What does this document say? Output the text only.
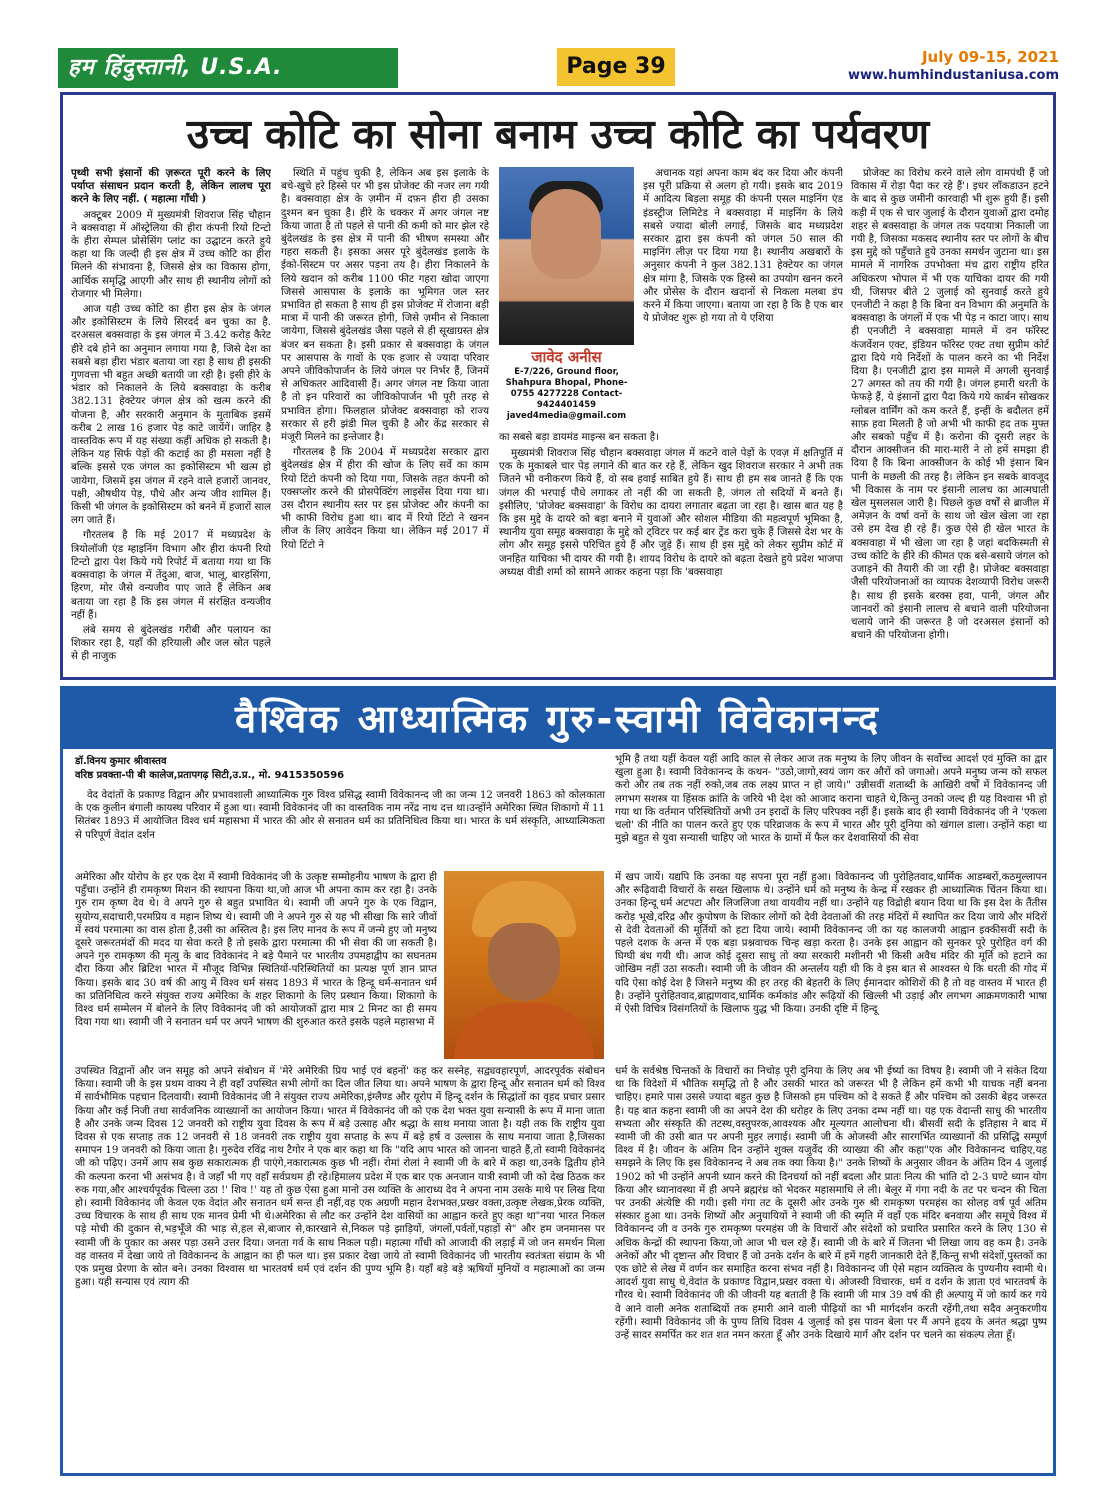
हम हिंदुस्तानी, U.S.A.	Page 39	July 09-15, 2021
www.humhindustaniusa.com
उच्च कोटि का सोना बनाम उच्च कोटि का पर्यवरण

पृथ्वी सभी इंसानों की ज़रूरत पूरी करने के लिए पर्याप्त संसाधन प्रदान करती है, लेकिन लालच पूरा करने के लिए नहीं. ( महात्मा गाँधी )

अक्टूबर 2009 में मुख्यमंत्री शिवराज सिंह चौहान ने बक्सवाहा में ऑस्ट्रेलिया की हीरा कंपनी रियो टिन्टो के हीरा सेम्पल प्रोसेसिंग प्लांट का उद्घाटन करते हुये कहा था कि जल्दी ही इस क्षेत्र में उच्च कोटि का हीरा मिलने की संभावना है, जिससे क्षेत्र का विकास होगा, आर्थिक समृद्धि आएगी और साथ ही स्थानीय लोगों को रोजगार भी मिलेगा।

आज यही उच्च कोटि का हीरा इस क्षेत्र के जंगल और इकोसिस्टम के लिये सिरदर्द बन चुका का है. दरअसल बक्सवाहा के इस जंगल में 3.42 करोड़ कैरेट हीरे दबे होने का अनुमान लगाया गया है, जिसे देश का सबसे बड़ा हीरा भंडार बताया जा रहा है साथ ही इसकी गुणवत्ता भी बहुत अच्छी बतायी जा रही है। इसी हीरे के भंडार को निकालने के लिये बक्सवाहा के करीब 382.131 हेक्टेयर जंगल क्षेत्र को खत्म करने की योजना है, और सरकारी अनुमान के मुताबिक इसमें करीब 2 लाख 16 हजार पेड़ काटे जायेंगें। जाहिर है वास्तविक रूप में यह संख्या कहीं अधिक हो सकती है। लेकिन यह सिर्फ पेड़ों की कटाई का ही मसला नहीं है बल्कि इससे एक जंगल का इकोसिस्टम भी खत्म हो जायेगा, जिसमें इस जंगल में रहने वाले हजारों जानवर, पक्षी, औषधीय पेड़, पौधे और अन्य जीव शामिल हैं। किसी भी जंगल के इकोसिस्टम को बनने में हजारों साल लग जाते हैं।

गौरतलब है कि मई 2017 में मध्यप्रदेश के त्रियोलॉजी एंड म्हाइनिंग विभाग और हीरा कंपनी रियो टिन्टो द्वारा पेश किये गये रिपोर्ट में बताया गया था कि बक्सवाहा के जंगल में तेंदुआ, बाज, भालू, बारहसिंगा, हिरण, मोर जैसे वन्यजीव पाए जाते हैं लेकिन अब बताया जा रहा है कि इस जंगल में संरक्षित वन्यजीव नहीं हैं।

लंबे समय से बुंदेलखंड गरीबी और पलायन का शिकार रहा है, यहाँ की हरियाली और जल स्रोत पहले से ही नाजुक

स्थिति में पहुंच चुकी है, लेकिन अब इस इलाके के बचे-खुचे हरे हिस्से पर भी इस प्रोजेक्ट की नजर लग गयी है। बक्सवाहा क्षेत्र के ज़मीन में दफ़न हीरा ही उसका दुश्मन बन चुका है। हीरे के चक्कर में अगर जंगल नष्ट किया जाता है तो पहले से पानी की कमी को मार झेल रहे बुंदेलखंड के इस क्षेत्र में पानी की भीषण समस्या और गहरा सकती है। इसका असर पूरे बुंदेलखंड इलाके के ईको-सिस्टम पर असर पड़ना तय है। हीरा निकालने के लिये खदान को करीब 1100 फीट गहरा खोदा जाएगा जिससे आसपास के इलाके का भूमिगत जल स्तर प्रभावित हो सकता है साथ ही इस प्रोजेक्ट में रोजाना बड़ी मात्रा में पानी की जरूरत होगी, जिसे ज़मीन से निकाला जायेगा, जिससे बुंदेलखंड जैसा पहले से ही सूखाग्रस्त क्षेत्र बंजर बन सकता है। इसी प्रकार से बक्सवाहा के जंगल पर आसपास के गावों के एक हजार से ज्यादा परिवार अपने जीविकोपार्जन के लिये जंगल पर निर्भर हैं, जिनमें से अधिकतर आदिवासी हैं। अगर जंगल नष्ट किया जाता है तो इन परिवारों का जीविकोपार्जन भी पूरी तरह से प्रभावित होगा। फिलहाल प्रोजेक्ट बक्सवाहा को राज्य सरकार से हरी झंडी मिल चुकी है और केंद्र सरकार से मंजूरी मिलने का इन्तेजार है।

गौरतलब है कि 2004 में मध्यप्रदेश सरकार द्वारा बुंदेलखंड क्षेत्र में हीरा की खोज के लिए सर्वे का काम रियो टिंटो कंपनी को दिया गया, जिसके तहत कंपनी को एक्सप्लोर करने की प्रोसपेक्टिंग लाइसेंस दिया गया था। उस दौरान स्थानीय स्तर पर इस प्रोजेक्ट और कंपनी का भी काफी विरोध हुआ था। बाद में रियो टिंटो ने खनन लीज के लिए आवेदन किया था। लेकिन मई 2017 में रियो टिंटो ने

जावेद अनीस
E-7/226, Ground floor, Shahpura Bhopal, Phone- 0755 4277228 Contact-9424401459 javed4media@gmail.com

अचानक यहां अपना काम बंद कर दिया और कंपनी इस पूरी प्रक्रिया से अलग हो गयी। इसके बाद 2019 में आदित्य बिड़ला समूह की कंपनी एसल माइनिंग एंड इंडस्ट्रीज लिमिटेड ने बक्सवाहा में माइनिंग के लिये सबसे ज्यादा बोली लगाई, जिसके बाद मध्यप्रदेश सरकार द्वारा इस कंपनी को जंगल 50 साल की माइनिंग लीज़ पर दिया गया है। स्थानीय अखबारों के अनुसार कंपनी ने कुल 382.131 हेक्टेयर का जंगल क्षेत्र मांगा है, जिसके एक हिस्से का उपयोग खनन करने और प्रोसेस के दौरान खदानों से निकला मलबा डंप करने में किया जाएगा। बताया जा रहा है कि है एक बार ये प्रोजेक्ट शुरू हो गया तो ये एशिया

का सबसे बड़ा डायमंड माइन्स बन सकता है।

मुख्यमंत्री शिवराज सिंह चौहान बक्सवाहा जंगल में कटने वाले पेड़ों के एवज़ में क्षतिपूर्ति में एक के मुकाबले चार पेड़ लगाने की बात कर रहे हैं, लेकिन खुद शिवराज सरकार ने अभी तक जितने भी वनीकरण किये हैं, वो सब हवाई साबित हुये हैं। साथ ही हम सब जानते हैं कि एक जंगल की भरपाई पौधे लगाकर तो नहीं की जा सकती है, जंगल तो सदियों में बनते हैं। इसीलिए, 'प्रोजेक्ट बक्सवाहा' के विरोध का दायरा लगातार बढ़ता जा रहा है। खास बात यह है कि इस मुद्दे के दायरे को बड़ा बनाने में युवाओं और सोशल मीडिया की महत्वपूर्ण भूमिका है, स्थानीय युवा समूह बक्सवाहा के मुद्दे को ट्विटर पर कई बार ट्रेंड करा चुके हैं जिससे देश भर के लोग और समूह इससे परिचित हुये हैं और जुड़े हैं। साथ ही इस मुद्दे को लेकर सुप्रीम कोर्ट में जनहित याचिका भी दायर की गयी है। शायद विरोध के दायरे को बढ़ता देखते हुये प्रदेश भाजपा अध्यक्ष वीडी शर्मा को सामने आकर कहना पड़ा कि 'बक्सवाहा

प्रोजेक्ट का विरोध करने वाले लोग वामपंथी हैं जो विकास में रोड़ा पैदा कर रहे हैं'। इधर लॉकडाउन हटने के बाद से कुछ जमीनी कारवाही भी शुरू हुयी हैं। इसी कड़ी में एक से चार जुलाई के दौरान युवाओं द्वारा दमोह शहर से बक्सवाहा के जंगल तक पदयात्रा निकाली जा गयी है, जिसका मकसद स्थानीय स्तर पर लोगों के बीच इस मुद्दे को पहुँचाते हुये उनका समर्थन जुटाना था। इस मामले में नागरिक उपभोक्ता मंच द्वारा राष्ट्रीय हरित अधिकरण भोपाल में भी एक याचिका दायर की गयी थी, जिसपर बीते 2 जुलाई को सुनवाई करते हुये एनजीटी ने कहा है कि बिना वन विभाग की अनुमति के बक्सवाहा के जंगलों में एक भी पेड़ न काटा जाए। साथ ही एनजीटी ने बक्सवाहा मामले में वन फॉरेस्ट कंजर्वेशन एक्ट, इंडियन फॉरेस्ट एक्ट तथा सुप्रीम कोर्ट द्वारा दिये गये निर्देशों के पालन करने का भी निर्देश दिया है। एनजीटी द्वारा इस मामले में अगली सुनवाई 27 अगस्त को तय की गयी है। जंगल हमारी धरती के फेफड़े हैं, ये इंसानों द्वारा पैदा किये गये कार्बन सोखकर ग्लोबल वार्मिंग को कम करते हैं, इन्हीं के बदौलत हमें साफ़ हवा मिलती है जो अभी भी काफी हद तक मुफ्त और सबको पहुँच में है। करोना की दूसरी लहर के दौरान आक्सीजन की मारा-मारी ने तो हमें समझा ही दिया है कि बिना आक्सीजन के कोई भी इंसान बिन पानी के मछली की तरह है। लेकिन इन सबके बावजूद भी विकास के नाम पर इंसानी लालच का आत्मघाती खेल मुसलसल जारी है। पिछले कुछ वर्षों से ब्राजील में अमेज़न के वर्षा वनों के साथ जो खेल खेला जा रहा उसे हम देख ही रहे हैं। कुछ ऐसे ही खेल भारत के बक्सवाहा में भी खेला जा रहा है जहां बदकिस्मती से उच्च कोटि के हीरे की कीमत एक बसे-बसाये जंगल को उजाड़ने की तैयारी की जा रही है। प्रोजेक्ट बक्सवाहा जैसी परियोजनाओं का व्यापक देशव्यापी विरोध जरूरी है। साथ ही इसके बरक्स हवा, पानी, जंगल और जानवरों को इंसानी लालच से बचाने वाली परियोजना चलाये जाने की जरूरत है जो दरअसल इंसानों को बचाने की परियोजना होगी।

वैश्विक आध्यात्मिक गुरु-स्वामी विवेकानन्द
डॉ.विनय कुमार श्रीवास्तव
वरिष्ठ प्रवक्ता-पी बी कालेज,प्रतापगढ़ सिटी,उ.प्र., मो. 9415350596

वेद वेदांतों के प्रकाण्ड विद्वान और प्रभावशाली आध्यात्मिक गुरु विश्व प्रसिद्ध स्वामी विवेकानन्द जी का जन्म 12 जनवरी 1863 को कोलकाता के एक कुलीन बंगाली कायस्थ परिवार में हुआ था। स्वामी विवेकानंद जी का वास्तविक नाम नरेंद्र नाथ दत्त था।उन्होंने अमेरिका स्थित शिकागो में 11 सितंबर 1893 में आयोजित विश्व धर्म महासभा में भारत की ओर से सनातन धर्म का प्रतिनिधित्व किया था। भारत के धर्म संस्कृति, आध्यात्मिकता से परिपूर्ण वेदांत दर्शन

अमेरिका और योरोप के हर एक देश में स्वामी विवेकानंद जी के उत्कृष्ट सम्मोहनीय भाषण के द्वारा ही पहुँचा। उन्होंने ही रामकृष्ण मिशन की स्थापना किया था,जो आज भी अपना काम कर रहा है। उनके गुरु राम कृष्ण देव थे। वे अपने गुरु से बहुत प्रभावित थे। स्वामी जी अपने गुरु के एक विद्वान, सुयोग्य,सदाचारी,परमप्रिय व महान शिष्य थे। स्वामी जी ने अपने गुरु से यह भी सीखा कि सारे जीवों में स्वयं परमात्मा का वास होता है,उसी का अस्तित्व है। इस लिए मानव के रूप में जन्मे हुए जो मनुष्य दूसरे जरूरतमंदों की मदद या सेवा करते है तो इसके द्वारा परमात्मा की भी सेवा की जा सकती है। अपने गुरु रामकृष्ण की मृत्यु के बाद विवेकानंद ने बड़े पैमाने पर भारतीय उपमहाद्वीप का सघनतम दौरा किया और ब्रिटिश भारत में मौजूद विभिन्न स्थितियों-परिस्थितियों का प्रत्यक्ष पूर्ण ज्ञान प्राप्त किया। इसके बाद 30 वर्ष की आयु में विश्व धर्म संसद 1893 में भारत के हिन्दू धर्म-सनातन धर्म का प्रतिनिधित्व करने संयुक्त राज्य अमेरिका के शहर शिकागो के लिए प्रस्थान किया। शिकागो के विश्व धर्म सम्मेलन में बोलने के लिए विवेकानंद जी को आयोजकों द्वारा मात्र 2 मिनट का ही समय दिया गया था। स्वामी जी ने सनातन धर्म पर अपने भाषण की शुरुआत करते इसके पहले महासभा में

उपस्थित विद्वानों और जन समूह को अपने संबोधन में 'मेरे अमेरिकी प्रिय भाई एवं बहनों' कह कर सस्नेह, सद्व्यवहारपूर्ण, आदरपूर्वक संबोधन किया। स्वामी जी के इस प्रथम वाक्य ने ही वहाँ उपस्थित सभी लोगों का दिल जीत लिया था। अपने भाषण के द्वारा हिन्दू और सनातन धर्म को विश्व में सार्वभौमिक पहचान दिलवायी। स्वामी विवेकानंद जी ने संयुक्त राज्य अमेरिका,इंग्लैण्ड और यूरोप में हिन्दू दर्शन के सिद्धांतों का वृहद प्रचार प्रसार किया और कई निजी तथा सार्वजनिक व्याख्यानों का आयोजन किया। भारत में विवेकानंद जी को एक देश भक्त युवा सन्यासी के रूप में माना जाता है और उनके जन्म दिवस 12 जनवरी को राष्ट्रीय युवा दिवस के रूप में बड़े उत्साह और श्रद्धा के साथ मनाया जाता है। यही तक कि राष्ट्रीय युवा दिवस से एक सप्ताह तक 12 जनवरी से 18 जनवरी तक राष्ट्रीय युवा सप्ताह के रूप में बड़े हर्ष व उल्लास के साथ मनाया जाता है,जिसका समापन 19 जनवरी को किया जाता है। गुरुदेव रविंद्र नाथ टैगोर ने एक बार कहा था कि "यदि आप भारत को जानना चाहते हैं,तो स्वामी विवेकानंद जी को पढ़िए। उनमें आप सब कुछ सकारात्मक ही पाएंगे,नकारात्मक कुछ भी नहीं। रोमां रोलां ने स्वामी जी के बारे में कहा था,उनके द्वितीय होने की कल्पना करना भी असंभव है। वे जहाँ भी गए वहाँ सर्वप्रथम ही रहे।हिमालय प्रदेश में एक बार एक अनजान यात्री स्वामी जी को देख ठिठक कर रुक गया,और आश्चर्यपूर्वक चिल्ला उठा !' शिव !' यह तो कुछ ऐसा हुआ मानो उस व्यक्ति के आराध्य देव ने अपना नाम उसके माथे पर लिख दिया हो। स्वामी विवेकानंद जी केवल एक वेदांत और सनातन धर्म सन्त ही नहीं,वह एक अग्रणी महान देशभक्त,प्रखर वक्ता,उत्कृष्ट लेखक,प्रेरक व्यक्ति, उच्च विचारक के साथ ही साथ एक मानव प्रेमी भी थे।अमेरिका से लौट कर उन्होंने देश वासियों का आह्वान करते हुए कहा था"नया भारत निकल पड़े मोची की दुकान से,भड़भूँजे की भाड़ से,हल से,बाजार से,कारखाने से,निकल पड़े झाड़ियों, जंगलों,पर्वतों,पहाड़ों से" और हम जनमानस पर स्वामी जी के पुकार का असर पड़ा उसने उत्तर दिया। जनता गर्व के साथ निकल पड़ी। महात्मा गाँधी को आजादी की लड़ाई में जो जन समर्थन मिला वह वास्तव में देखा जाये तो विवेकानन्द के आह्वान का ही फल था। इस प्रकार देखा जाये तो स्वामी विवेकानंद जी भारतीय स्वतंत्रता संग्राम के भी एक प्रमुख प्रेरणा के स्रोत बने। उनका विश्वास था भारतवर्ष धर्म एवं दर्शन की पुण्य भूमि है। यहाँ बड़े बड़े ऋषियों मुनियों व महात्माओं का जन्म हुआ। यही सन्यास एवं त्याग की

भूमि है तथा यहीं केवल यहीं आदि काल से लेकर आज तक मनुष्य के लिए जीवन के सर्वोच्च आदर्श एवं मुक्ति का द्वार खुला हुआ है। स्वामी विवेकानन्द के कथन- "उठो,जागो,स्वयं जाग कर औरों को जगाओ। अपने मनुष्य जन्म को सफल करो और तब तक नहीं रुको,जब तक लक्ष्य प्राप्त न हो जाये।" उन्नीसवीं शताब्दी के आखिरी वर्षों में विवेकानन्द जी लगभग सशस्त्र या हिंसक क्रांति के जरिये भी देश को आजाद कराना चाहते थे,किन्तु उनको जल्द ही यह विश्वास भी हो गया था कि वर्तमान परिस्थितियों अभी उन इरादों के लिए परिपक्व नहीं हैं। इसके बाद ही स्वामी विवेकानंद जी ने 'एकला चलो' की नीति का पालन करते हुए एक परिव्राजक के रूप में भारत और पूरी दुनिया को खंगाल डाला। उन्होंने कहा था मुझे बहुत से युवा सन्यासी चाहिए जो भारत के ग्रामों में फैल कर देशवासियों की सेवा

में खप जायें। यद्यपि कि उनका यह सपना पूरा नहीं हुआ। विवेकानन्द जी पुरोहितवाद,धार्मिक आडम्बरों,कठमुल्लापन और रूढ़िवादी विचारों के सख्त खिलाफ थे। उन्होंने धर्म को मनुष्य के केन्द्र में रखकर ही आध्यात्मिक चिंतन किया था। उनका हिन्दू धर्म अटपटा और लिजलिजा तथा वायवीय नहीं था। उन्होंने यह विद्रोही बयान दिया था कि इस देश के तैंतीस करोड़ भूखे,दरिद्र और कुपोषण के शिकार लोगों को देवी देवताओं की तरह मंदिरों में स्थापित कर दिया जाये और मंदिरों से देवी देवताओं की मूर्तियों को हटा दिया जाये। स्वामी विवेकानन्द जी का यह कालजयी आह्वान इक्कीसवीं सदी के पहले दशक के अन्त में एक बड़ा प्रश्नवाचक चिन्ह खड़ा करता है। उनके इस आह्वान को सुनकर पूरे पुरोहित वर्ग की घिग्घी बंध गयी थी। आज कोई दूसरा साधु तो क्या सरकारी मशीनरी भी किसी अवैध मंदिर की मूर्ति को हटाने का जोखिम नहीं उठा सकती। स्वामी जी के जीवन की अन्तर्लय यही थी कि वे इस बात से आश्वस्त थे कि धरती की गोद में यदि ऐसा कोई देश है जिसने मनुष्य की हर तरह की बेहतरी के लिए ईमानदार कोशिशें की है तो वह वास्तव में भारत ही है। उन्होंने पुरोहितवाद,ब्राह्मणवाद,धार्मिक कर्मकांड और रूढ़ियों की खिल्ली भी उड़ाई और लगभग आक्रमणकारी भाषा में ऐसी विचित्र विसंगतियों के खिलाफ युद्ध भी किया। उनकी दृष्टि में हिन्दू

धर्म के सर्वश्रेष्ठ चिन्तकों के विचारों का निचोड़ पूरी दुनिया के लिए अब भी ईर्ष्या का विषय है। स्वामी जी ने संकेत दिया था कि विदेशों में भौतिक समृद्धि तो है और उसकी भारत को जरूरत भी है लेकिन हमें कभी भी याचक नहीं बनना चाहिए। हमारे पास उससे ज्यादा बहुत कुछ है जिसको हम पश्चिम को दे सकते हैं और पश्चिम को उसकी बेहद जरूरत है। यह बात कहना स्वामी जी का अपने देश की धरोहर के लिए उनका दम्भ नहीं था। यह एक वेदान्ती साधु की भारतीय सभ्यता और संस्कृति की तटस्थ,वस्तुपरक,आवश्यक और मूल्यगत आलोचना थी। बीसवीं सदी के इतिहास ने बाद में स्वामी जी की उसी बात पर अपनी मुहर लगाई। स्वामी जी के ओजस्वी और सारगर्भित व्याख्यानों की प्रसिद्धि सम्पूर्ण विश्व में है। जीवन के अंतिम दिन उन्होंने शुक्ल यजुर्वेद की व्याख्या की और कहा"एक और विवेकानन्द चाहिए,यह समझने के लिए कि इस विवेकानन्द ने अब तक क्या किया है।" उनके शिष्यों के अनुसार जीवन के अंतिम दिन 4 जुलाई 1902 को भी उन्होंने अपनी ध्यान करने की दिनचर्या को नहीं बदला और प्रातः नित्य की भांति दो 2-3 घण्टे ध्यान योग किया और ध्यानावस्था में ही अपने ब्रह्मरंध्र को भेदकर महासमाधि ले ली। बेलूर में गंगा नदी के तट पर चन्दन की चिता पर उनकी अंत्येष्टि की गयी। इसी गंगा तट के दूसरी ओर उनके गुरु श्री रामकृष्ण परमहंस का सोलह वर्ष पूर्व अंतिम संस्कार हुआ था। उनके शिष्यों और अनुयायियों ने स्वामी जी की स्मृति में वहाँ एक मंदिर बनवाया और समूचे विश्व में विवेकानन्द जी व उनके गुरु रामकृष्ण परमहंस जी के विचारों और संदेशों को प्रचारित प्रसारित करने के लिए 130 से अधिक केन्द्रों की स्थापना किया,जो आज भी चल रहे हैं। स्वामी जी के बारे में जितना भी लिखा जाय वह कम है। उनके अनेकों और भी दृष्टान्त और विचार हैं जो उनके दर्शन के बारे में हमें गहरी जानकारी देते हैं,किन्तु सभी संदेशों,पुस्तकों का एक छोटे से लेख में वर्णन कर समाहित करना संभव नहीं है। विवेकानन्द जी ऐसे महान व्यक्तित्व के पुण्यनीय स्वामी थे। आदर्श युवा साधु थे,वेदांत के प्रकाण्ड विद्वान,प्रखर वक्ता थे। ओजस्वी विचारक, धर्म व दर्शन के ज्ञाता एवं भारतवर्ष के गौरव थे। स्वामी विवेकानंद जी की जीवनी यह बताती है कि स्वामी जी मात्र 39 वर्ष की ही अल्पायु में जो कार्य कर गये वे आने वाली अनेक शताब्दियों तक हमारी आने वाली पीढ़ियों का भी मार्गदर्शन करती रहेंगी,तथा सदैव अनुकरणीय रहेंगी। स्वामी विवेकानंद जी के पुण्य तिथि दिवस 4 जुलाई को इस पावन बेला पर मैं अपने हृदय के अनंत श्रद्धा पुष्प उन्हें सादर समर्पित कर शत शत नमन करता हूँ और उनके दिखाये मार्ग और दर्शन पर चलने का संकल्प लेता हूँ।
